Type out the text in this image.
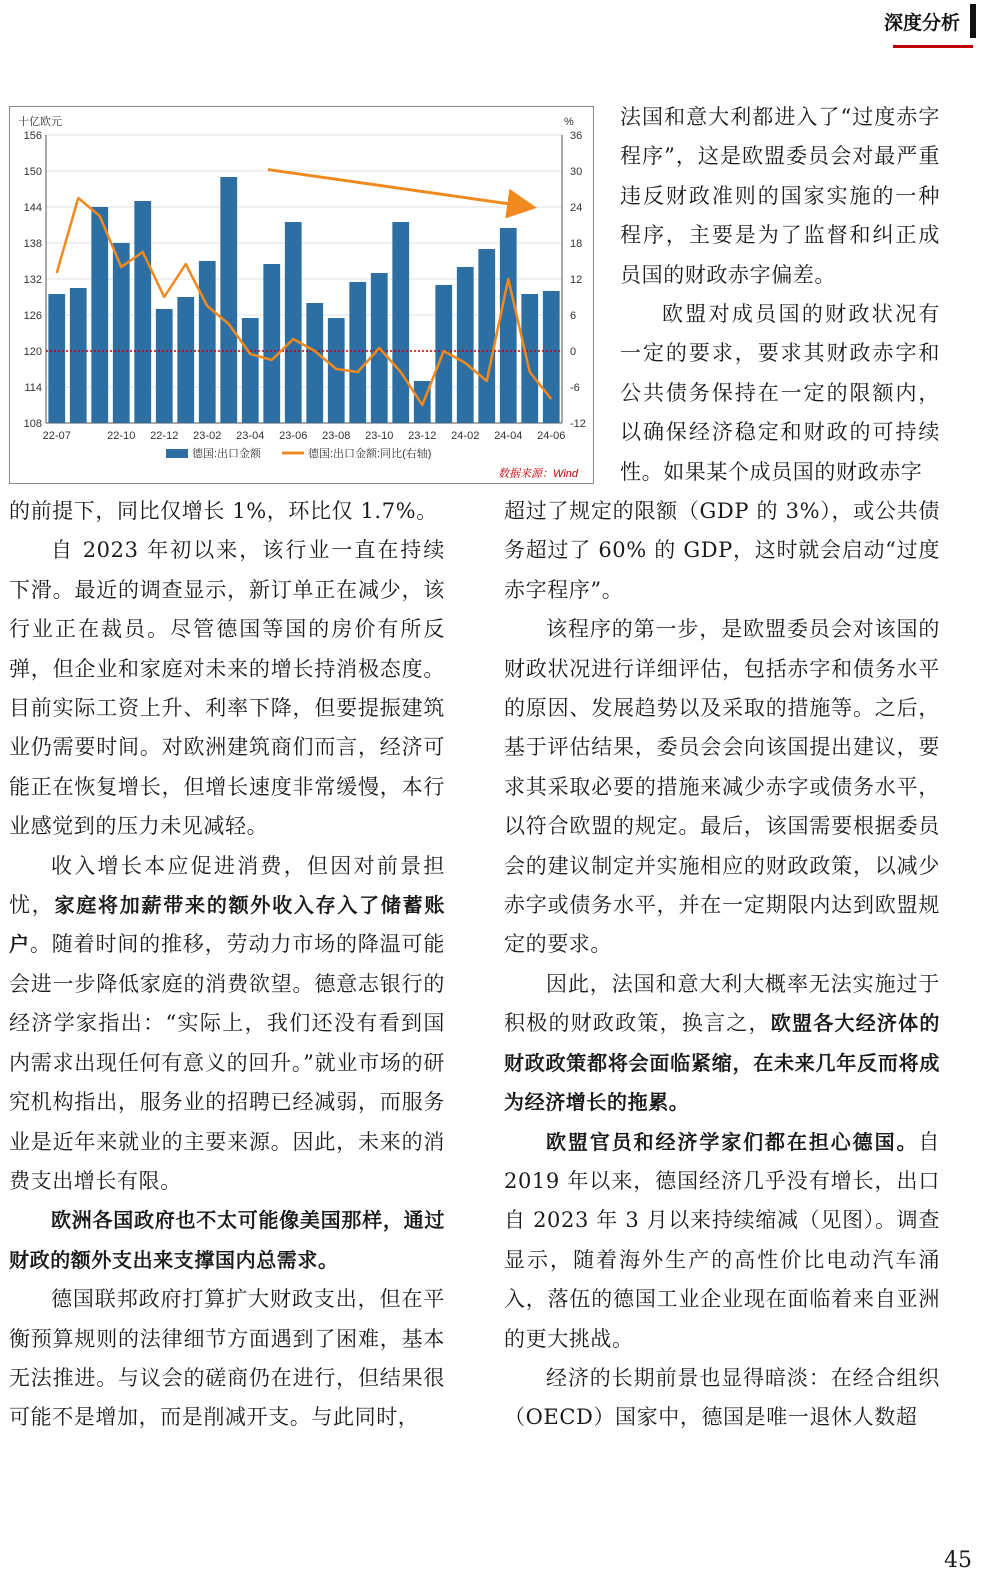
深度分析
156
150
144
138
132
126
120
114
108
36
30
24
18
12
6
0
-6
-12
十亿欧元	%
22-07	22-10 22-12 23-02 23-04 23-06 23-08 23-10 23-12 24-02 24-04 24-06
德国:出口金额	德国:出口金额:同比(右轴)
数据来源：Wind

的前提下，同比仅增长 1%，环比仅 1.7%。

自 2023 年初以来，该行业一直在持续下滑。最近的调查显示，新订单正在减少，该行业正在裁员。尽管德国等国的房价有所反弹，但企业和家庭对未来的增长持消极态度。目前实际工资上升、利率下降，但要提振建筑业仍需要时间。对欧洲建筑商们而言，经济可能正在恢复增长，但增长速度非常缓慢，本行业感觉到的压力未见减轻。

收入增长本应促进消费，但因对前景担忧，家庭将加薪带来的额外收入存入了储蓄账户。随着时间的推移，劳动力市场的降温可能会进一步降低家庭的消费欲望。德意志银行的经济学家指出：“实际上，我们还没有看到国内需求出现任何有意义的回升。”就业市场的研究机构指出，服务业的招聘已经减弱，而服务业是近年来就业的主要来源。因此，未来的消费支出增长有限。

欧洲各国政府也不太可能像美国那样，通过财政的额外支出来支撑国内总需求。

德国联邦政府打算扩大财政支出，但在平衡预算规则的法律细节方面遇到了困难，基本无法推进。与议会的磋商仍在进行，但结果很可能不是增加，而是削减开支。与此同时，

法国和意大利都进入了“过度赤字程序”，这是欧盟委员会对最严重违反财政准则的国家实施的一种程序，主要是为了监督和纠正成员国的财政赤字偏差。

欧盟对成员国的财政状况有一定的要求，要求其财政赤字和公共债务保持在一定的限额内，以确保经济稳定和财政的可持续性。如果某个成员国的财政赤字

超过了规定的限额（GDP 的 3%），或公共债务超过了 60% 的 GDP，这时就会启动“过度赤字程序”。

该程序的第一步，是欧盟委员会对该国的财政状况进行详细评估，包括赤字和债务水平的原因、发展趋势以及采取的措施等。之后，基于评估结果，委员会会向该国提出建议，要求其采取必要的措施来减少赤字或债务水平，以符合欧盟的规定。最后，该国需要根据委员会的建议制定并实施相应的财政政策，以减少赤字或债务水平，并在一定期限内达到欧盟规定的要求。

因此，法国和意大利大概率无法实施过于积极的财政政策，换言之，欧盟各大经济体的财政政策都将会面临紧缩，在未来几年反而将成为经济增长的拖累。

欧盟官员和经济学家们都在担心德国。自 2019 年以来，德国经济几乎没有增长，出口自 2023 年 3 月以来持续缩减（见图）。调查显示，随着海外生产的高性价比电动汽车涌入，落伍的德国工业企业现在面临着来自亚洲的更大挑战。

经济的长期前景也显得暗淡：在经合组织（OECD）国家中，德国是唯一退休人数超

45
